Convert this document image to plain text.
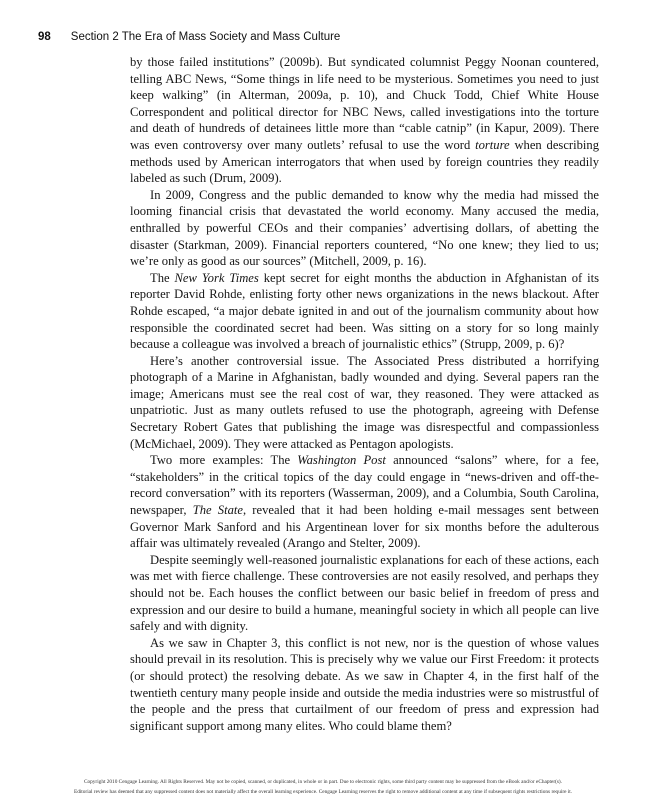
98 Section 2 The Era of Mass Society and Mass Culture

by those failed institutions” (2009b). But syndicated columnist Peggy Noonan countered, telling ABC News, “Some things in life need to be mysterious. Sometimes you need to just keep walking” (in Alterman, 2009a, p. 10), and Chuck Todd, Chief White House Correspondent and political director for NBC News, called investigations into the torture and death of hundreds of detainees little more than “cable catnip” (in Kapur, 2009). There was even controversy over many outlets’ refusal to use the word torture when describing methods used by American interrogators that when used by foreign countries they readily labeled as such (Drum, 2009).

In 2009, Congress and the public demanded to know why the media had missed the looming financial crisis that devastated the world economy. Many accused the media, enthralled by powerful CEOs and their companies’ advertising dollars, of abetting the disaster (Starkman, 2009). Financial reporters countered, “No one knew; they lied to us; we’re only as good as our sources” (Mitchell, 2009, p. 16).

The New York Times kept secret for eight months the abduction in Afghanistan of its reporter David Rohde, enlisting forty other news organizations in the news blackout. After Rohde escaped, “a major debate ignited in and out of the journalism community about how responsible the coordinated secret had been. Was sitting on a story for so long mainly because a colleague was involved a breach of journalistic ethics” (Strupp, 2009, p. 6)?

Here’s another controversial issue. The Associated Press distributed a horrifying photograph of a Marine in Afghanistan, badly wounded and dying. Several papers ran the image; Americans must see the real cost of war, they reasoned. They were attacked as unpatriotic. Just as many outlets refused to use the photograph, agreeing with Defense Secretary Robert Gates that publishing the image was disrespectful and compassionless (McMichael, 2009). They were attacked as Pentagon apologists.

Two more examples: The Washington Post announced “salons” where, for a fee, “stakeholders” in the critical topics of the day could engage in “news-driven and off-the-record conversation” with its reporters (Wasserman, 2009), and a Columbia, South Carolina, newspaper, The State, revealed that it had been holding e-mail messages sent between Governor Mark Sanford and his Argentinean lover for six months before the adulterous affair was ultimately revealed (Arango and Stelter, 2009).

Despite seemingly well-reasoned journalistic explanations for each of these actions, each was met with fierce challenge. These controversies are not easily resolved, and perhaps they should not be. Each houses the conflict between our basic belief in freedom of press and expression and our desire to build a humane, meaningful society in which all people can live safely and with dignity.

As we saw in Chapter 3, this conflict is not new, nor is the question of whose values should prevail in its resolution. This is precisely why we value our First Freedom: it protects (or should protect) the resolving debate. As we saw in Chapter 4, in the first half of the twentieth century many people inside and outside the media industries were so mistrustful of the people and the press that curtailment of our freedom of press and expression had significant support among many elites. Who could blame them?

Copyright 2010 Cengage Learning. All Rights Reserved. May not be copied, scanned, or duplicated, in whole or in part. Due to electronic rights, some third party content may be suppressed from the eBook and/or eChapter(s).
Editorial review has deemed that any suppressed content does not materially affect the overall learning experience. Cengage Learning reserves the right to remove additional content at any time if subsequent rights restrictions require it.
